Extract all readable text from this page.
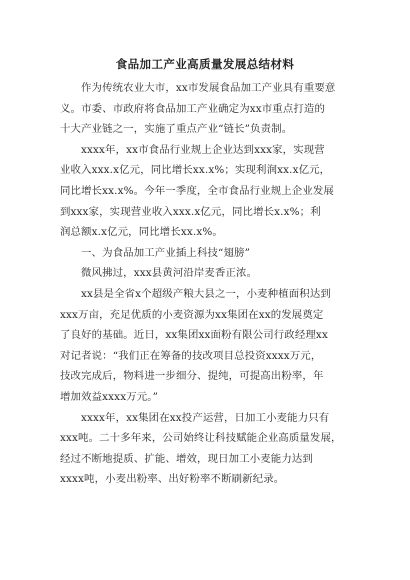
食品加工产业高质量发展总结材料
作为传统农业大市，xx市发展食品加工产业具有重要意
义。市委、市政府将食品加工产业确定为xx市重点打造的
十大产业链之一，实施了重点产业“链长”负责制。
xxxx年，xx市食品行业规上企业达到xxx家，实现营
业收入xxx.x亿元，同比增长xx.x%；实现利润xx.x亿元，
同比增长xx.x%。今年一季度，全市食品行业规上企业发展
到xxx家，实现营业收入xxx.x亿元，同比增长x.x%；利
润总额x.x亿元，同比增长xx.x%。
一、为食品加工产业插上科技“翅膀”
微风拂过，xxx县黄河沿岸麦香正浓。
xx县是全省x个超级产粮大县之一，小麦种植面积达到
xxx万亩，充足优质的小麦资源为xx集团在xx的发展奠定
了良好的基础。近日，xx集团xx面粉有限公司行政经理xx
对记者说：“我们正在筹备的技改项目总投资xxxx万元，
技改完成后，物料进一步细分、提纯，可提高出粉率，年
增加效益xxxx万元。”
xxxx年，xx集团在xx投产运营，日加工小麦能力只有
xxx吨。二十多年来，公司始终让科技赋能企业高质量发展，
经过不断地提质、扩能、增效，现日加工小麦能力达到
xxxx吨，小麦出粉率、出好粉率不断刷新纪录。
